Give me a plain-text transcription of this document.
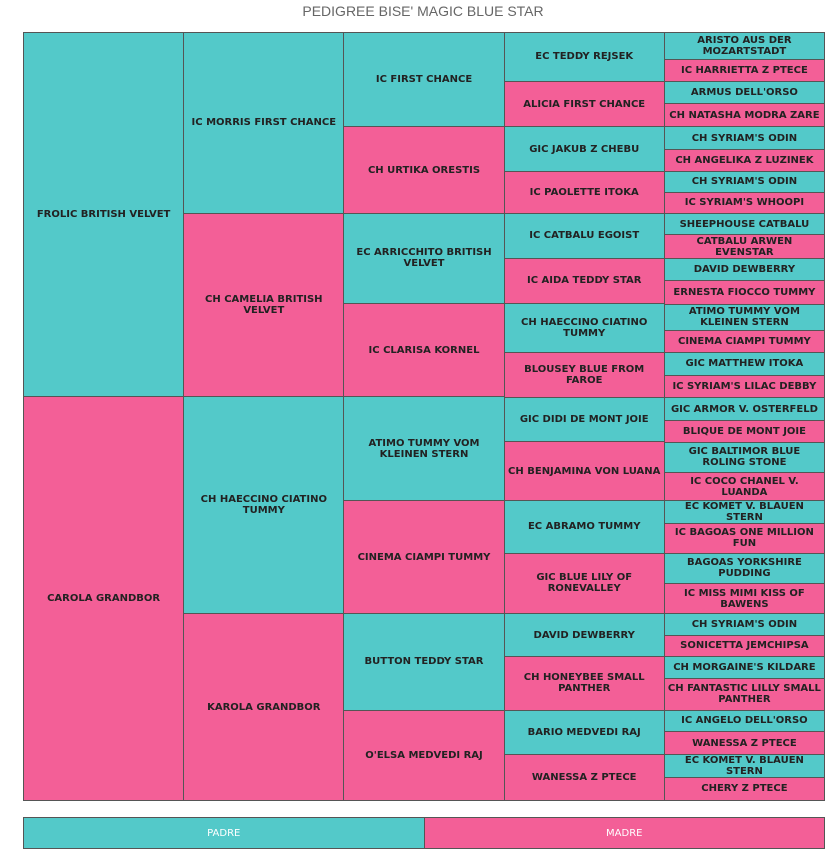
PEDIGREE BISE' MAGIC BLUE STAR
FROLIC BRITISH VELVET
CAROLA GRANDBOR
IC MORRIS FIRST CHANCE
CH CAMELIA BRITISH VELVET
CH HAECCINO CIATINO TUMMY
KAROLA GRANDBOR
IC FIRST CHANCE
CH URTIKA ORESTIS
EC ARRICCHITO BRITISH VELVET
IC CLARISA KORNEL
ATIMO TUMMY VOM KLEINEN STERN
CINEMA CIAMPI TUMMY
BUTTON TEDDY STAR
O'ELSA MEDVEDI RAJ
EC TEDDY REJSEK
ALICIA FIRST CHANCE
GIC JAKUB Z CHEBU
IC PAOLETTE ITOKA
IC CATBALU EGOIST
IC AIDA TEDDY STAR
CH HAECCINO CIATINO TUMMY
BLOUSEY BLUE FROM FAROE
GIC DIDI DE MONT JOIE
CH BENJAMINA VON LUANA
EC ABRAMO TUMMY
GIC BLUE LILY OF RONEVALLEY
DAVID DEWBERRY
CH HONEYBEE SMALL PANTHER
BARIO MEDVEDI RAJ
WANESSA Z PTECE
ARISTO AUS DER MOZARTSTADT
IC HARRIETTA Z PTECE
ARMUS DELL'ORSO
CH NATASHA MODRA ZARE
CH SYRIAM'S ODIN
CH ANGELIKA Z LUZINEK
CH SYRIAM'S ODIN
IC SYRIAM'S WHOOPI
SHEEPHOUSE CATBALU
CATBALU ARWEN EVENSTAR
DAVID DEWBERRY
ERNESTA FIOCCO TUMMY
ATIMO TUMMY VOM KLEINEN STERN
CINEMA CIAMPI TUMMY
GIC MATTHEW ITOKA
IC SYRIAM'S LILAC DEBBY
GIC ARMOR V. OSTERFELD
BLIQUE DE MONT JOIE
GIC BALTIMOR BLUE ROLING STONE
IC COCO CHANEL V. LUANDA
EC KOMET V. BLAUEN STERN
IC BAGOAS ONE MILLION FUN
BAGOAS YORKSHIRE PUDDING
IC MISS MIMI KISS OF BAWENS
CH SYRIAM'S ODIN
SONICETTA JEMCHIPSA
CH MORGAINE'S KILDARE
CH FANTASTIC LILLY SMALL PANTHER
IC ANGELO DELL'ORSO
WANESSA Z PTECE
EC KOMET V. BLAUEN STERN
CHERY Z PTECE
PADRE	MADRE
